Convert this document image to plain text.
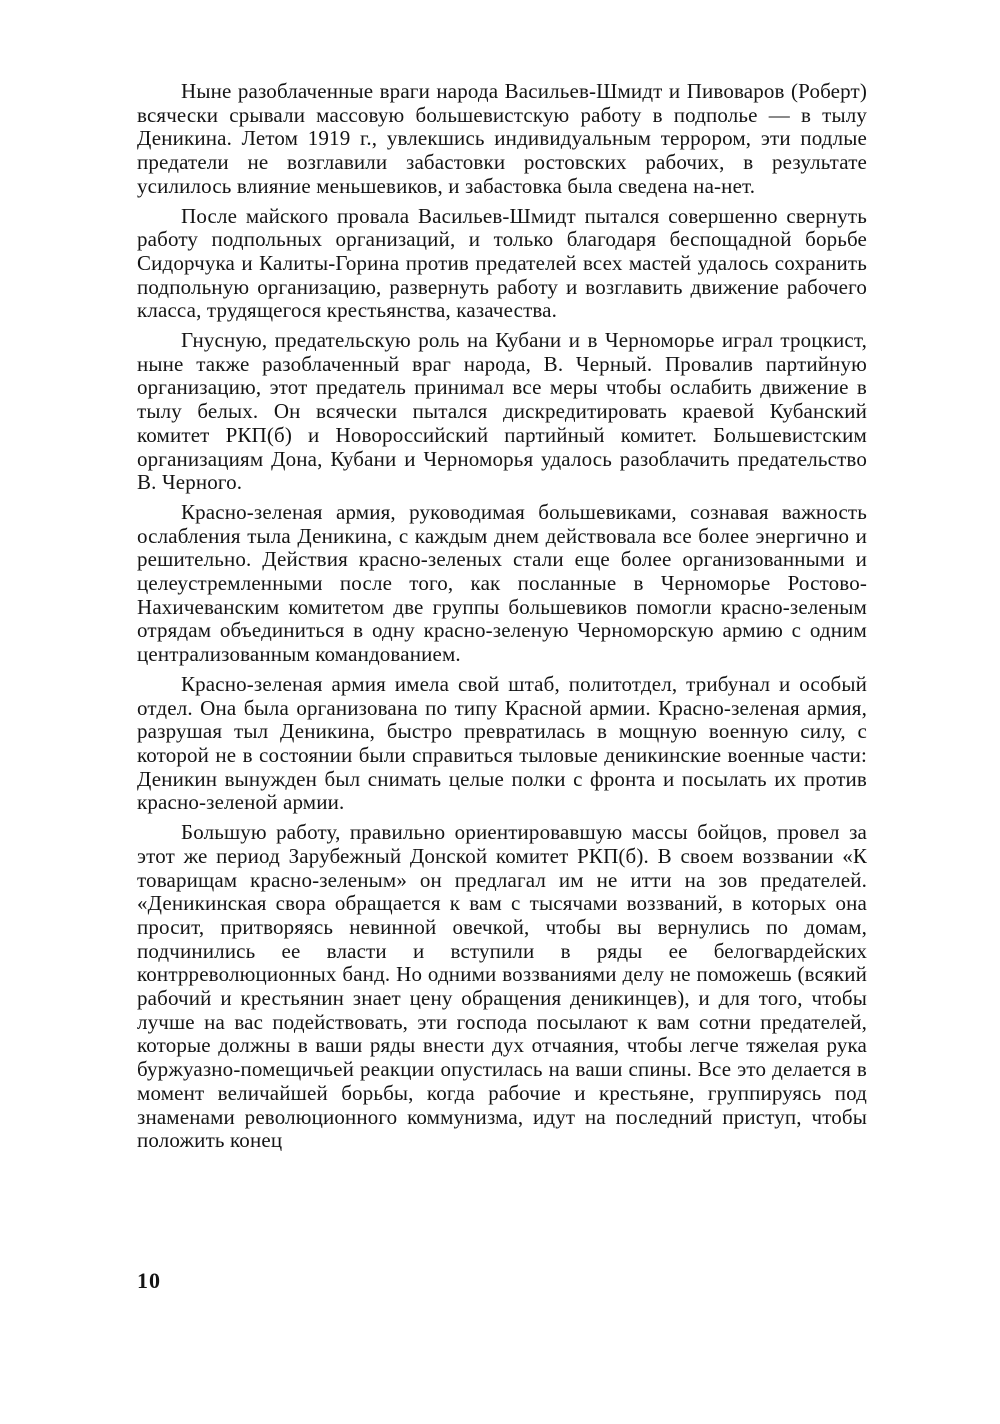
Ныне разоблаченные враги народа Васильев-Шмидт и Пивоваров (Роберт) всячески срывали массовую большевистскую работу в подполье — в тылу Деникина. Летом 1919 г., увлекшись индивидуальным террором, эти подлые предатели не возглавили забастовки ростовских рабочих, в результате усилилось влияние меньшевиков, и забастовка была сведена на-нет.

После майского провала Васильев-Шмидт пытался совершенно свернуть работу подпольных организаций, и только благодаря беспощадной борьбе Сидорчука и Калиты-Горина против предателей всех мастей удалось сохранить подпольную организацию, развернуть работу и возглавить движение рабочего класса, трудящегося крестьянства, казачества.

Гнусную, предательскую роль на Кубани и в Черноморье играл троцкист, ныне также разоблаченный враг народа, В. Черный. Провалив партийную организацию, этот предатель принимал все меры чтобы ослабить движение в тылу белых. Он всячески пытался дискредитировать краевой Кубанский комитет РКП(б) и Новороссийский партийный комитет. Большевистским организациям Дона, Кубани и Черноморья удалось разоблачить предательство В. Черного.

Красно-зеленая армия, руководимая большевиками, сознавая важность ослабления тыла Деникина, с каждым днем действовала все более энергично и решительно. Действия красно-зеленых стали еще более организованными и целеустремленными после того, как посланные в Черноморье Ростово-Нахичеванским комитетом две группы большевиков помогли красно-зеленым отрядам объединиться в одну красно-зеленую Черноморскую армию с одним централизованным командованием.

Красно-зеленая армия имела свой штаб, политотдел, трибунал и особый отдел. Она была организована по типу Красной армии. Красно-зеленая армия, разрушая тыл Деникина, быстро превратилась в мощную военную силу, с которой не в состоянии были справиться тыловые деникинские военные части: Деникин вынужден был снимать целые полки с фронта и посылать их против красно-зеленой армии.

Большую работу, правильно ориентировавшую массы бойцов, провел за этот же период Зарубежный Донской комитет РКП(б). В своем воззвании «К товарищам красно-зеленым» он предлагал им не итти на зов предателей. «Деникинская свора обращается к вам с тысячами воззваний, в которых она просит, притворяясь невинной овечкой, чтобы вы вернулись по домам, подчинились ее власти и вступили в ряды ее белогвардейских контрреволюционных банд. Но одними воззваниями делу не поможешь (всякий рабочий и крестьянин знает цену обращения деникинцев), и для того, чтобы лучше на вас подействовать, эти господа посылают к вам сотни предателей, которые должны в ваши ряды внести дух отчаяния, чтобы легче тяжелая рука буржуазно-помещичьей реакции опустилась на ваши спины. Все это делается в момент величайшей борьбы, когда рабочие и крестьяне, группируясь под знаменами революционного коммунизма, идут на последний приступ, чтобы положить конец

10
